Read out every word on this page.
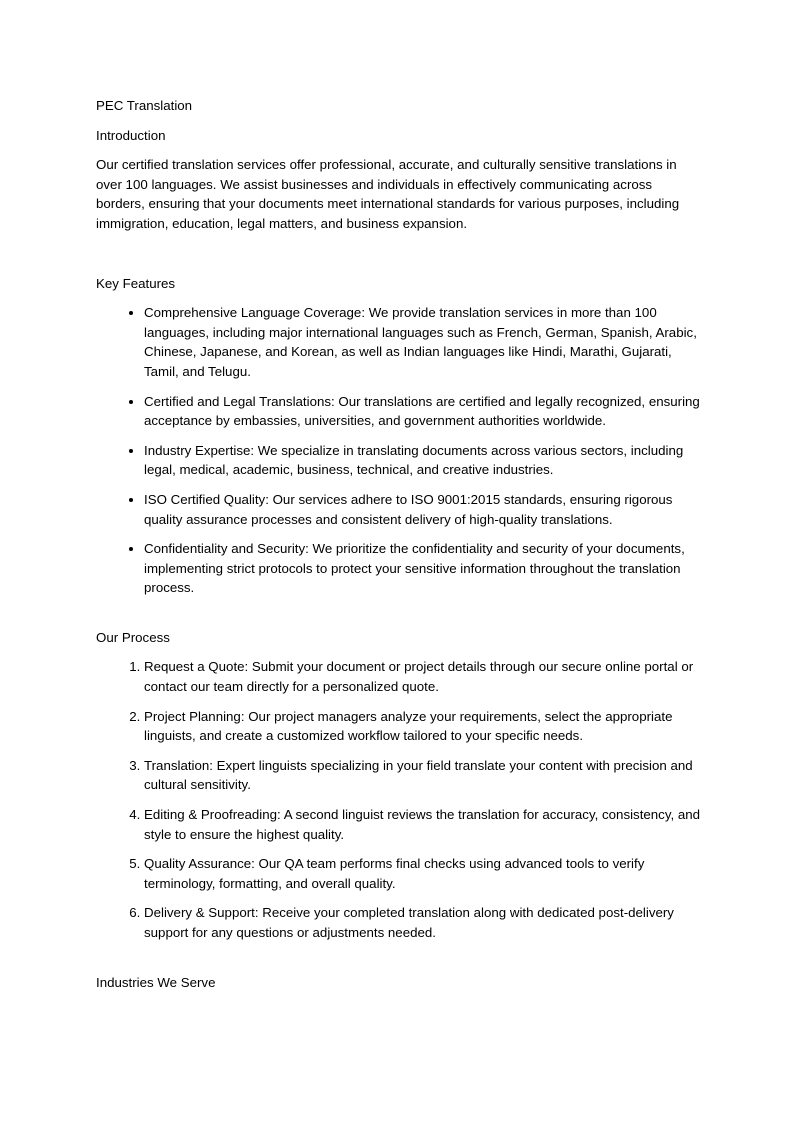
PEC Translation

Introduction

Our certified translation services offer professional, accurate, and culturally sensitive translations in over 100 languages. We assist businesses and individuals in effectively communicating across borders, ensuring that your documents meet international standards for various purposes, including immigration, education, legal matters, and business expansion.

Key Features

• Comprehensive Language Coverage: We provide translation services in more than 100 languages, including major international languages such as French, German, Spanish, Arabic, Chinese, Japanese, and Korean, as well as Indian languages like Hindi, Marathi, Gujarati, Tamil, and Telugu.
• Certified and Legal Translations: Our translations are certified and legally recognized, ensuring acceptance by embassies, universities, and government authorities worldwide.
• Industry Expertise: We specialize in translating documents across various sectors, including legal, medical, academic, business, technical, and creative industries.
• ISO Certified Quality: Our services adhere to ISO 9001:2015 standards, ensuring rigorous quality assurance processes and consistent delivery of high-quality translations.
• Confidentiality and Security: We prioritize the confidentiality and security of your documents, implementing strict protocols to protect your sensitive information throughout the translation process.

Our Process

1. Request a Quote: Submit your document or project details through our secure online portal or contact our team directly for a personalized quote.
2. Project Planning: Our project managers analyze your requirements, select the appropriate linguists, and create a customized workflow tailored to your specific needs.
3. Translation: Expert linguists specializing in your field translate your content with precision and cultural sensitivity.
4. Editing & Proofreading: A second linguist reviews the translation for accuracy, consistency, and style to ensure the highest quality.
5. Quality Assurance: Our QA team performs final checks using advanced tools to verify terminology, formatting, and overall quality.
6. Delivery & Support: Receive your completed translation along with dedicated post-delivery support for any questions or adjustments needed.

Industries We Serve
